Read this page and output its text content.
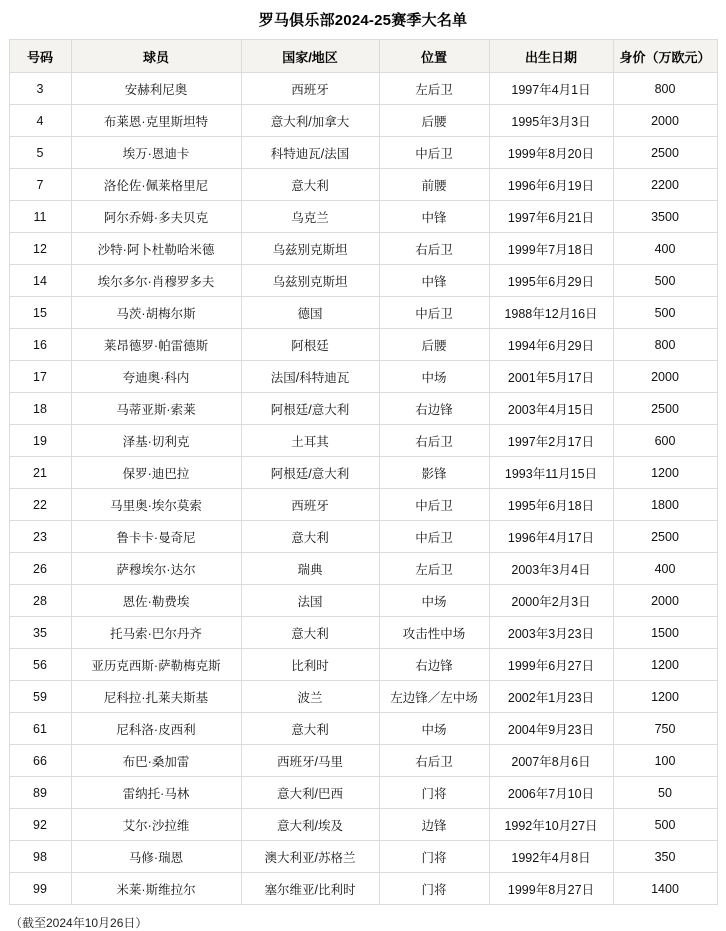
罗马俱乐部2024-25赛季大名单
号码	球员	国家/地区	位置	出生日期	身价（万欧元）
3	安赫利尼奥	西班牙	左后卫	1997年4月1日	800
4	布莱恩·克里斯坦特	意大利/加拿大	后腰	1995年3月3日	2000
5	埃万·恩迪卡	科特迪瓦/法国	中后卫	1999年8月20日	2500
7	洛伦佐·佩莱格里尼	意大利	前腰	1996年6月19日	2200
11	阿尔乔姆·多夫贝克	乌克兰	中锋	1997年6月21日	3500
12	沙特·阿卜杜勒哈米德	乌兹别克斯坦	右后卫	1999年7月18日	400
14	埃尔多尔·肖穆罗多夫	乌兹别克斯坦	中锋	1995年6月29日	500
15	马茨·胡梅尔斯	德国	中后卫	1988年12月16日	500
16	莱昂德罗·帕雷德斯	阿根廷	后腰	1994年6月29日	800
17	夸迪奥·科内	法国/科特迪瓦	中场	2001年5月17日	2000
18	马蒂亚斯·索莱	阿根廷/意大利	右边锋	2003年4月15日	2500
19	泽基·切利克	土耳其	右后卫	1997年2月17日	600
21	保罗·迪巴拉	阿根廷/意大利	影锋	1993年11月15日	1200
22	马里奥·埃尔莫索	西班牙	中后卫	1995年6月18日	1800
23	鲁卡卡·曼奇尼	意大利	中后卫	1996年4月17日	2500
26	萨穆埃尔·达尔	瑞典	左后卫	2003年3月4日	400
28	恩佐·勒费埃	法国	中场	2000年2月3日	2000
35	托马索·巴尔丹齐	意大利	攻击性中场	2003年3月23日	1500
56	亚历克西斯·萨勒梅克斯	比利时	右边锋	1999年6月27日	1200
59	尼科拉·扎莱夫斯基	波兰	左边锋／左中场	2002年1月23日	1200
61	尼科洛·皮西利	意大利	中场	2004年9月23日	750
66	布巴·桑加雷	西班牙/马里	右后卫	2007年8月6日	100
89	雷纳托·马林	意大利/巴西	门将	2006年7月10日	50
92	艾尔·沙拉维	意大利/埃及	边锋	1992年10月27日	500
98	马修·瑞恩	澳大利亚/苏格兰	门将	1992年4月8日	350
99	米莱·斯维拉尔	塞尔维亚/比利时	门将	1999年8月27日	1400
（截至2024年10月26日）
